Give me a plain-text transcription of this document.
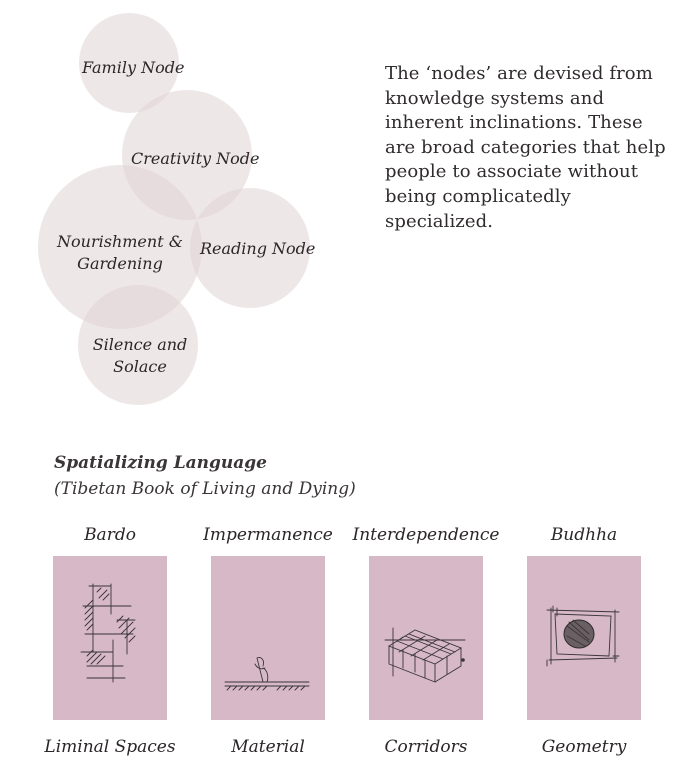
Family Node
Creativity Node
Nourishment &
Gardening
Reading Node
Silence and
Solace
The ‘nodes’ are devised from knowledge systems and inherent inclinations. These are broad categories that help people to associate without being complicatedly specialized.
Spatializing Language
(Tibetan Book of Living and Dying)
Bardo
Liminal Spaces
Impermanence
Material
Interdependence
Corridors
Budhha
Geometry
